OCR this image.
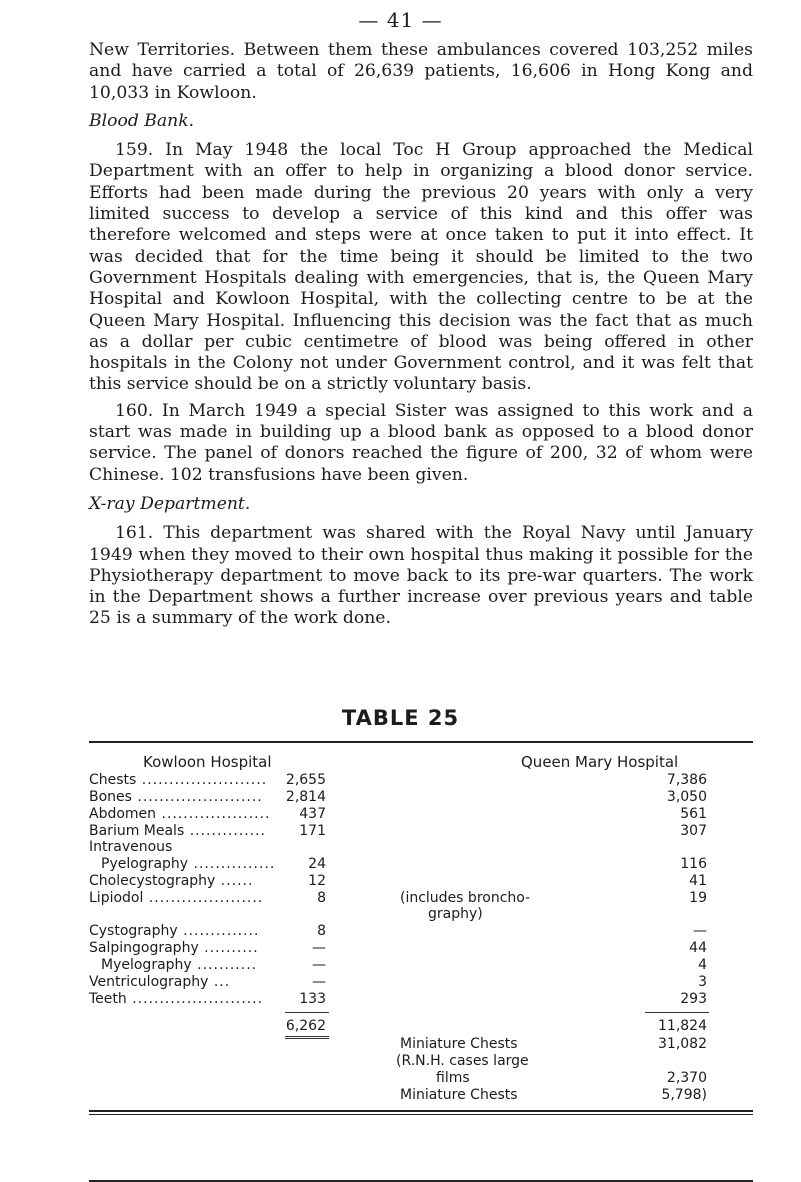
— 41 —

New Territories. Between them these ambulances covered 103,252 miles and have carried a total of 26,639 patients, 16,606 in Hong Kong and 10,033 in Kowloon.

Blood Bank.

159. In May 1948 the local Toc H Group approached the Medical Department with an offer to help in organizing a blood donor service. Efforts had been made during the previous 20 years with only a very limited success to develop a service of this kind and this offer was therefore welcomed and steps were at once taken to put it into effect. It was decided that for the time being it should be limited to the two Government Hospitals dealing with emergencies, that is, the Queen Mary Hospital and Kowloon Hospital, with the collecting centre to be at the Queen Mary Hospital. Influencing this decision was the fact that as much as a dollar per cubic centimetre of blood was being offered in other hospitals in the Colony not under Government control, and it was felt that this service should be on a strictly voluntary basis.

160. In March 1949 a special Sister was assigned to this work and a start was made in building up a blood bank as opposed to a blood donor service. The panel of donors reached the figure of 200, 32 of whom were Chinese. 102 transfusions have been given.

X-ray Department.

161. This department was shared with the Royal Navy until January 1949 when they moved to their own hospital thus making it possible for the Physiotherapy department to move back to its pre-war quarters. The work in the Department shows a further increase over previous years and table 25 is a summary of the work done.

TABLE 25
Kowloon Hospital	Queen Mary Hospital
Chests .......................	2,655	7,386
Bones .......................	2,814	3,050
Abdomen ....................	437	561
Barium Meals ..............	171	307
Intravenous
Pyelography ...............	24	116
Cholecystography ......	12	41
Lipiodol .....................	8	19
Cystography ..............	8	—
Salpingography ..........	—	44
Myelography ...........	—	4
Ventriculography ...	—	3
Teeth ........................	133	293
(includes broncho-
graphy)
6,262	11,824
Miniature Chests	31,082
(R.N.H. cases large
films	2,370
Miniature Chests	5,798)
